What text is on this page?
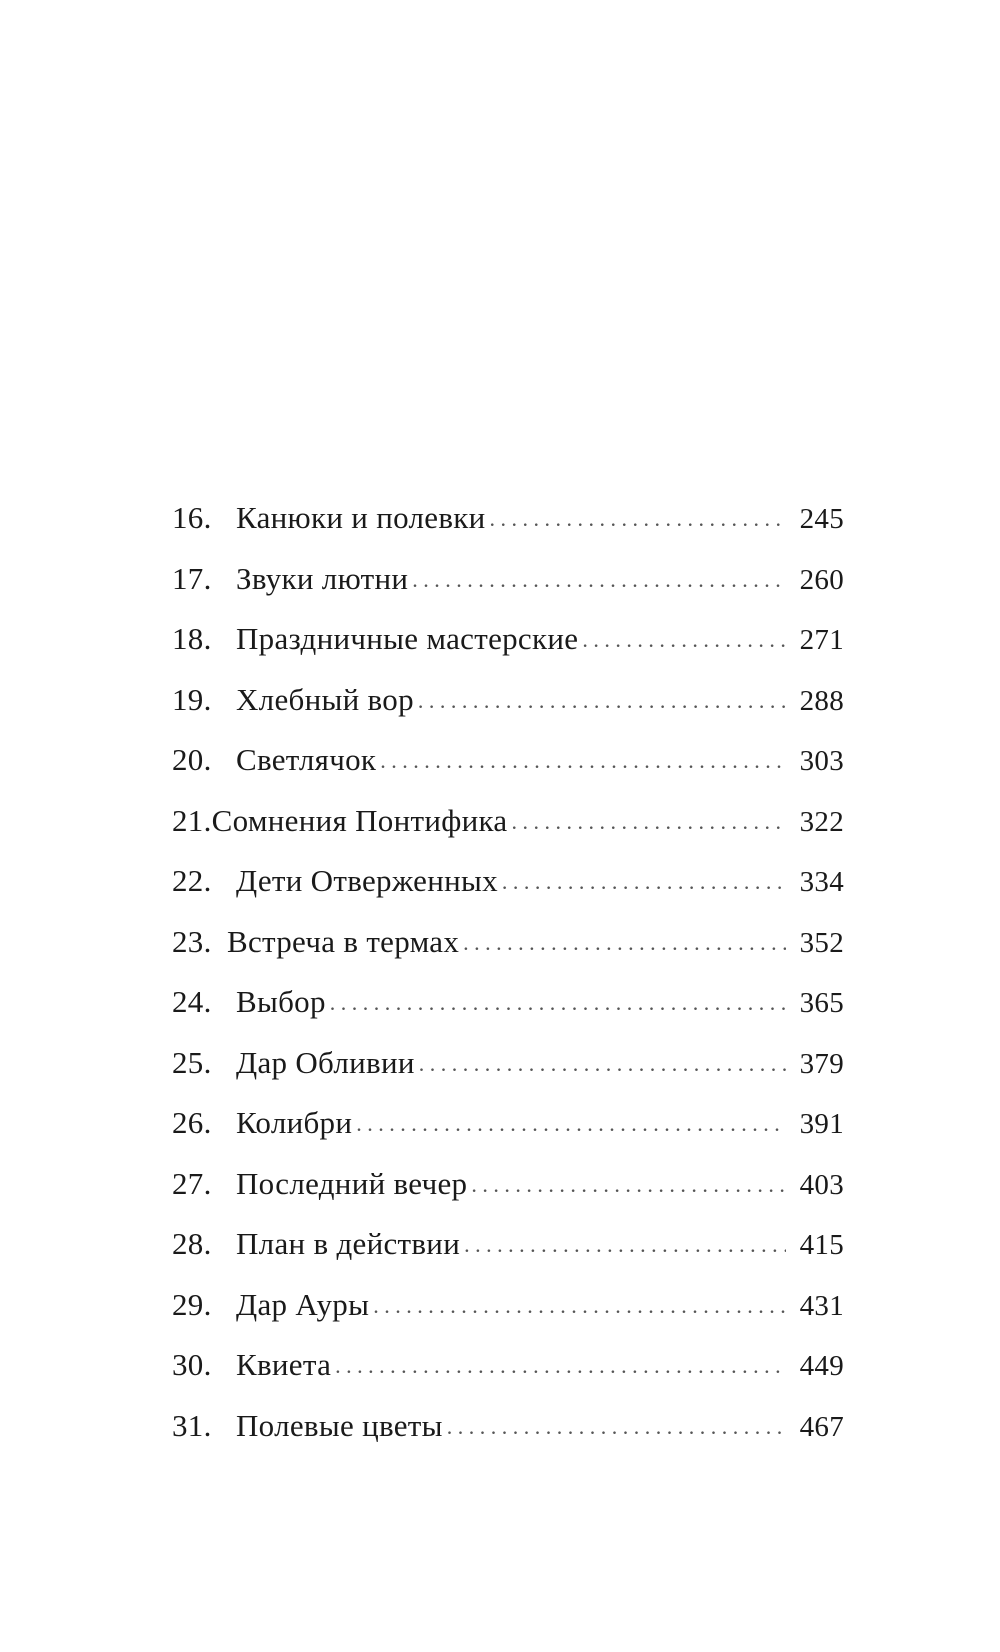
16. Канюки и полевки . . .	245
17. Звуки лютни . . .	260
18. Праздничные мастерские . . .	271
19. Хлебный вор . . .	288
20. Светлячок . . .	303
21. Сомнения Понтифика . . .	322
22. Дети Отверженных . . .	334
23. Встреча в термах . . .	352
24. Выбор . . .	365
25. Дар Обливии . . .	379
26. Колибри . . .	391
27. Последний вечер . . .	403
28. План в действии . . .	415
29. Дар Ауры . . .	431
30. Квиета . . .	449
31. Полевые цветы . . .	467
